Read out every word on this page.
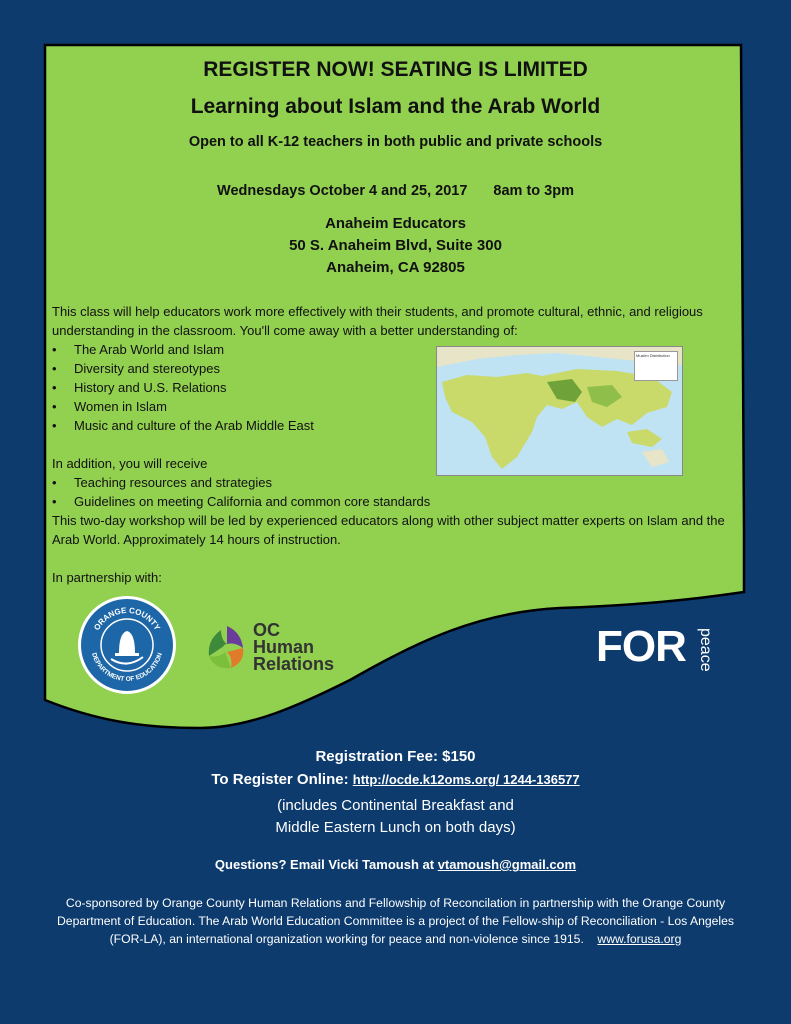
REGISTER NOW! SEATING IS LIMITED
Learning about Islam and the Arab World
Open to all K-12 teachers in both public and private schools
Wednesdays October 4 and 25, 2017 8am to 3pm
Anaheim Educators
50 S. Anaheim Blvd, Suite 300
Anaheim, CA 92805

This class will help educators work more effectively with their students, and promote cultural, ethnic, and religious understanding in the classroom. You'll come away with a better understanding of:

• The Arab World and Islam
• Diversity and stereotypes
• History and U.S. Relations
• Women in Islam
• Music and culture of the Arab Middle East

In addition, you will receive

• Teaching resources and strategies
• Guidelines on meeting California and common core standards

This two-day workshop will be led by experienced educators along with other subject matter experts on Islam and the Arab World. Approximately 14 hours of instruction.

In partnership with:

Muslim Distribution
ORANGE COUNTY
DEPARTMENT OF EDUCATION
OC
Human
Relations	FOR peace
Registration Fee: $150
To Register Online: http://ocde.k12oms.org/ 1244-136577
(includes Continental Breakfast and
Middle Eastern Lunch on both days)
Questions? Email Vicki Tamoush at vtamoush@gmail.com
Co-sponsored by Orange County Human Relations and Fellowship of Reconcilation in partnership with the Orange County Department of Education. The Arab World Education Committee is a project of the Fellow-ship of Reconciliation - Los Angeles (FOR-LA), an international organization working for peace and non-violence since 1915. www.forusa.org
